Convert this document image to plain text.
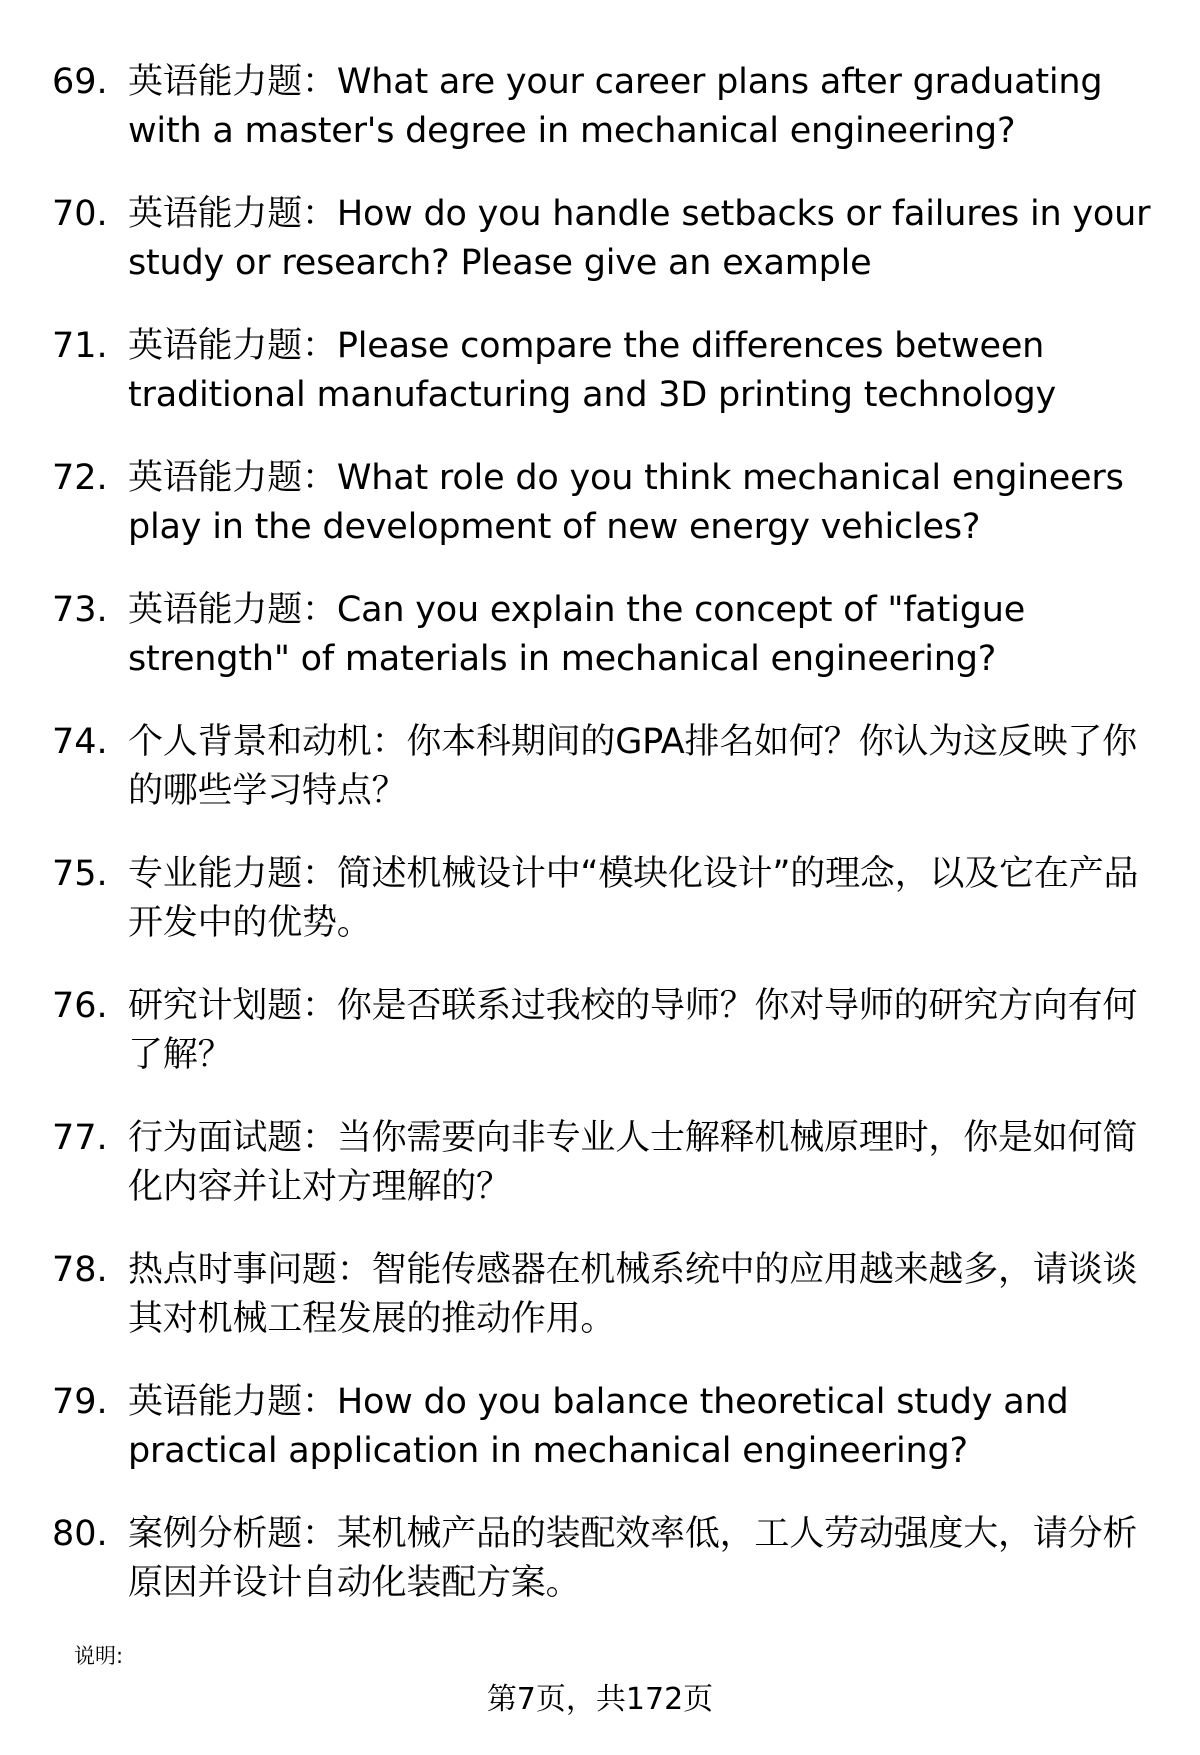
69. 英语能力题：What are your career plans after graduating with a master's degree in mechanical engineering?
70. 英语能力题：How do you handle setbacks or failures in your study or research? Please give an example
71. 英语能力题：Please compare the differences between traditional manufacturing and 3D printing technology
72. 英语能力题：What role do you think mechanical engineers play in the development of new energy vehicles?
73. 英语能力题：Can you explain the concept of "fatigue strength" of materials in mechanical engineering?
74. 个人背景和动机：你本科期间的GPA排名如何？你认为这反映了你的哪些学习特点？
75. 专业能力题：简述机械设计中“模块化设计”的理念，以及它在产品开发中的优势。
76. 研究计划题：你是否联系过我校的导师？你对导师的研究方向有何了解？
77. 行为面试题：当你需要向非专业人士解释机械原理时，你是如何简化内容并让对方理解的？
78. 热点时事问题：智能传感器在机械系统中的应用越来越多，请谈谈其对机械工程发展的推动作用。
79. 英语能力题：How do you balance theoretical study and practical application in mechanical engineering?
80. 案例分析题：某机械产品的装配效率低，工人劳动强度大，请分析原因并设计自动化装配方案。
说明:
第7页，共172页
